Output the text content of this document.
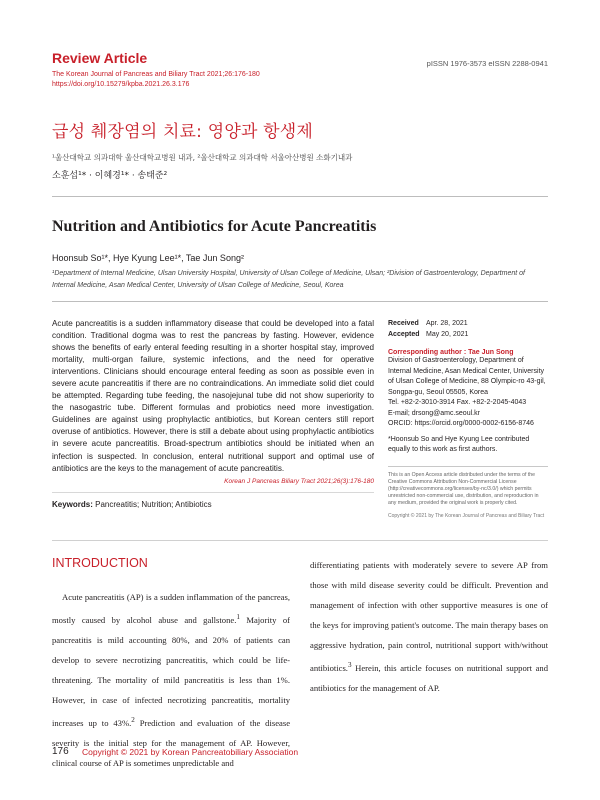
Review Article
The Korean Journal of Pancreas and Biliary Tract 2021;26:176-180
https://doi.org/10.15279/kpba.2021.26.3.176
pISSN 1976-3573 eISSN 2288-0941
급성 췌장염의 치료: 영양과 항생제
¹울산대학교 의과대학 울산대학교병원 내과, ²울산대학교 의과대학 서울아산병원 소화기내과
소훈섭¹* · 이혜경¹* · 송태준²
Nutrition and Antibiotics for Acute Pancreatitis
Hoonsub So¹*, Hye Kyung Lee¹*, Tae Jun Song²
¹Department of Internal Medicine, Ulsan University Hospital, University of Ulsan College of Medicine, Ulsan; ²Division of Gastroenterology, Department of Internal Medicine, Asan Medical Center, University of Ulsan College of Medicine, Seoul, Korea
Acute pancreatitis is a sudden inflammatory disease that could be developed into a fatal condition. Traditional dogma was to rest the pancreas by fasting. However, evidence shows the benefits of early enteral feeding resulting in a shorter hospital stay, improved mortality, multi-organ failure, systemic infections, and the need for operative interventions. Clinicians should encourage enteral feeding as soon as possible even in severe acute pancreatitis if there are no contraindications. An immediate solid diet could be attempted. Regarding tube feeding, the nasojejunal tube did not show superiority to the nasogastric tube. Different formulas and probiotics need more investigation. Guidelines are against using prophylactic antibiotics, but Korean centers still report overuse of antibiotics. However, there is still a debate about using prophylactic antibiotics in severe acute pancreatitis. Broad-spectrum antibiotics should be initiated when an infection is suspected. In conclusion, enteral nutritional support and optimal use of antibiotics are the keys to the management of acute pancreatitis.
Korean J Pancreas Biliary Tract 2021;26(3):176-180
Keywords: Pancreatitis; Nutrition; Antibiotics
Received Apr. 28, 2021
Accepted May 20, 2021
Corresponding author : Tae Jun Song
Division of Gastroenterology, Department of Internal Medicine, Asan Medical Center, University of Ulsan College of Medicine, 88 Olympic-ro 43-gil, Songpa-gu, Seoul 05505, Korea
Tel. +82-2-3010-3914 Fax. +82-2-2045-4043
E-mail; drsong@amc.seoul.kr
ORCID: https://orcid.org/0000-0002-6156-8746
*Hoonsub So and Hye Kyung Lee contributed equally to this work as first authors.
This is an Open Access article distributed under the terms of the Creative Commons Attribution Non-Commercial License (http://creativecommons.org/licenses/by-nc/3.0/) which permits unrestricted non-commercial use, distribution, and reproduction in any medium, provided the original work is properly cited.
Copyright © 2021 by The Korean Journal of Pancreas and Biliary Tract
INTRODUCTION
Acute pancreatitis (AP) is a sudden inflammation of the pancreas, mostly caused by alcohol abuse and gallstone.$^1$ Majority of pancreatitis is mild accounting 80%, and 20% of patients can develop to severe necrotizing pancreatitis, which could be life-threatening. The mortality of mild pancreatitis is less than 1%. However, in case of infected necrotizing pancreatitis, mortality increases up to 43%.$^2$ Prediction and evaluation of the disease severity is the initial step for the management of AP. However, clinical course of AP is sometimes unpredictable and
differentiating patients with moderately severe to severe AP from those with mild disease severity could be difficult. Prevention and management of infection with other supportive measures is one of the keys for improving patient's outcome. The main therapy bases on aggressive hydration, pain control, nutritional support with/without antibiotics.$^3$ Herein, this article focuses on nutritional support and antibiotics for the management of AP.
176 Copyright © 2021 by Korean Pancreatobiliary Association
